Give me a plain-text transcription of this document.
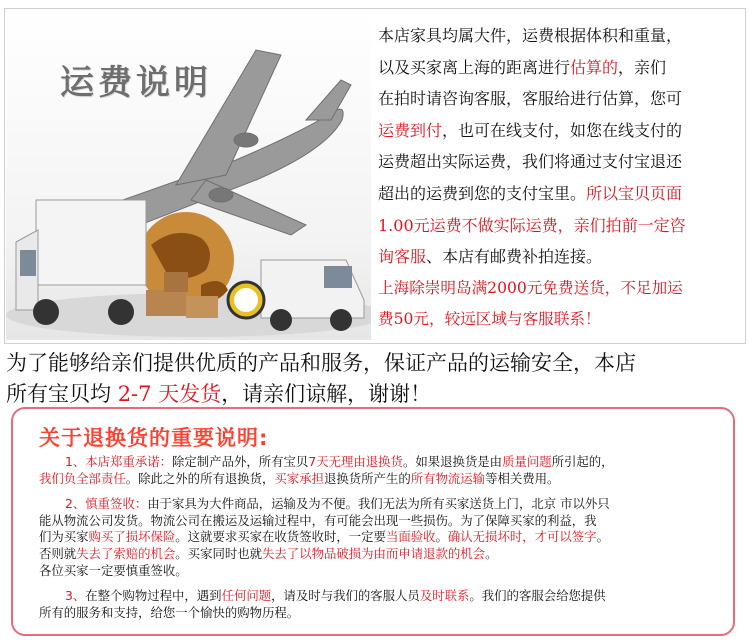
运费说明

本店家具均属大件，运费根据体积和重量，

以及买家离上海的距离进行估算的，亲们

在拍时请咨询客服，客服给进行估算，您可

运费到付，也可在线支付，如您在线支付的

运费超出实际运费，我们将通过支付宝退还

超出的运费到您的支付宝里。所以宝贝页面

1.00元运费不做实际运费，亲们拍前一定咨

询客服、本店有邮费补拍连接。

上海除崇明岛满2000元免费送货，不足加运

费50元，较远区域与客服联系！

为了能够给亲们提供优质的产品和服务，保证产品的运输安全，本店
所有宝贝均 2-7 天发货，请亲们谅解，谢谢！
关于退换货的重要说明:
1、本店郑重承诺：除定制产品外，所有宝贝7天无理由退换货。如果退换货是由质量问题所引起的，
我们负全部责任。除此之外的所有退换货，买家承担退换货所产生的所有物流运输等相关费用。
2、慎重签收：由于家具为大件商品，运输及为不便。我们无法为所有买家送货上门，北京 市以外只
能从物流公司发货。物流公司在搬运及运输过程中，有可能会出现一些损伤。为了保障买家的利益，我
们为买家购买了损坏保险。这就要求买家在收货签收时，一定要当面验收。确认无损坏时，才可以签字。
否则就失去了索赔的机会。买家同时也就失去了以物品破损为由而申请退款的机会。
各位买家一定要慎重签收。
3、在整个购物过程中，遇到任何问题，请及时与我们的客服人员及时联系。我们的客服会给您提供
所有的服务和支持，给您一个愉快的购物历程。
